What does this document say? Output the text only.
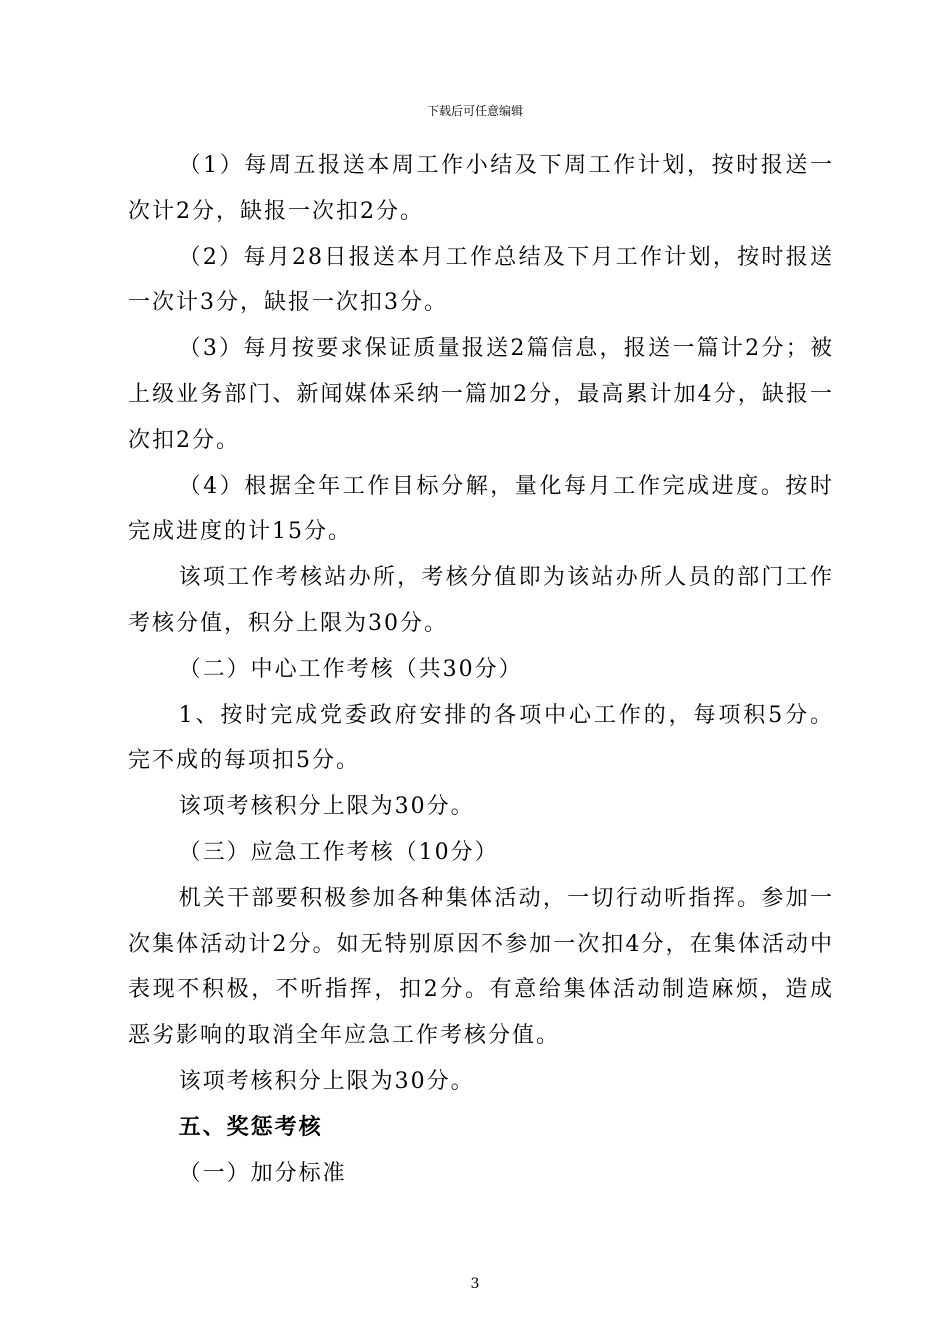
下载后可任意编辑

（1）每周五报送本周工作小结及下周工作计划，按时报送一次计2分，缺报一次扣2分。

（2）每月28日报送本月工作总结及下月工作计划，按时报送一次计3分，缺报一次扣3分。

（3）每月按要求保证质量报送2篇信息，报送一篇计2分；被上级业务部门、新闻媒体采纳一篇加2分，最高累计加4分，缺报一次扣2分。

（4）根据全年工作目标分解，量化每月工作完成进度。按时完成进度的计15分。

该项工作考核站办所，考核分值即为该站办所人员的部门工作考核分值，积分上限为30分。

（二）中心工作考核（共30分）

1、按时完成党委政府安排的各项中心工作的，每项积5分。完不成的每项扣5分。

该项考核积分上限为30分。

（三）应急工作考核（10分）

机关干部要积极参加各种集体活动，一切行动听指挥。参加一次集体活动计2分。如无特别原因不参加一次扣4分，在集体活动中表现不积极，不听指挥，扣2分。有意给集体活动制造麻烦，造成恶劣影响的取消全年应急工作考核分值。

该项考核积分上限为30分。

五、奖惩考核

（一）加分标准

3
